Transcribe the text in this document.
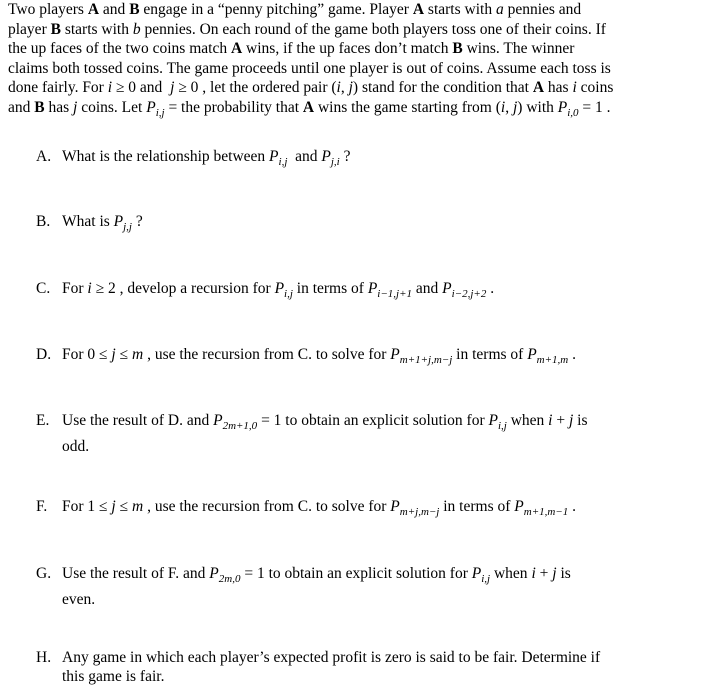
Two players A and B engage in a “penny pitching” game. Player A starts with a pennies and
player B starts with b pennies. On each round of the game both players toss one of their coins. If
the up faces of the two coins match A wins, if the up faces don’t match B wins. The winner
claims both tossed coins. The game proceeds until one player is out of coins. Assume each toss is
done fairly. For i ≥ 0 and  j ≥ 0 , let the ordered pair (i, j) stand for the condition that A has i coins
and B has j coins. Let $P_{i,j}$ = the probability that A wins the game starting from (i, j) with $P_{i,0} = 1$ .
A. What is the relationship between $P_{i,j}$  and $P_{j,i}$ ?
B. What is $P_{j,j}$ ?
C. For i ≥ 2 , develop a recursion for $P_{i,j}$ in terms of $P_{i-1,j+1}$ and $P_{i-2,j+2}$ .
D. For 0 ≤ j ≤ m , use the recursion from C. to solve for $P_{m+1+j,m-j}$ in terms of $P_{m+1,m}$ .
E. Use the result of D. and $P_{2m+1,0} = 1$ to obtain an explicit solution for $P_{i,j}$ when i + j is
odd.
F. For 1 ≤ j ≤ m , use the recursion from C. to solve for $P_{m+j,m-j}$ in terms of $P_{m+1,m-1}$ .
G. Use the result of F. and $P_{2m,0} = 1$ to obtain an explicit solution for $P_{i,j}$ when i + j is
even.
H. Any game in which each player’s expected profit is zero is said to be fair. Determine if
this game is fair.
